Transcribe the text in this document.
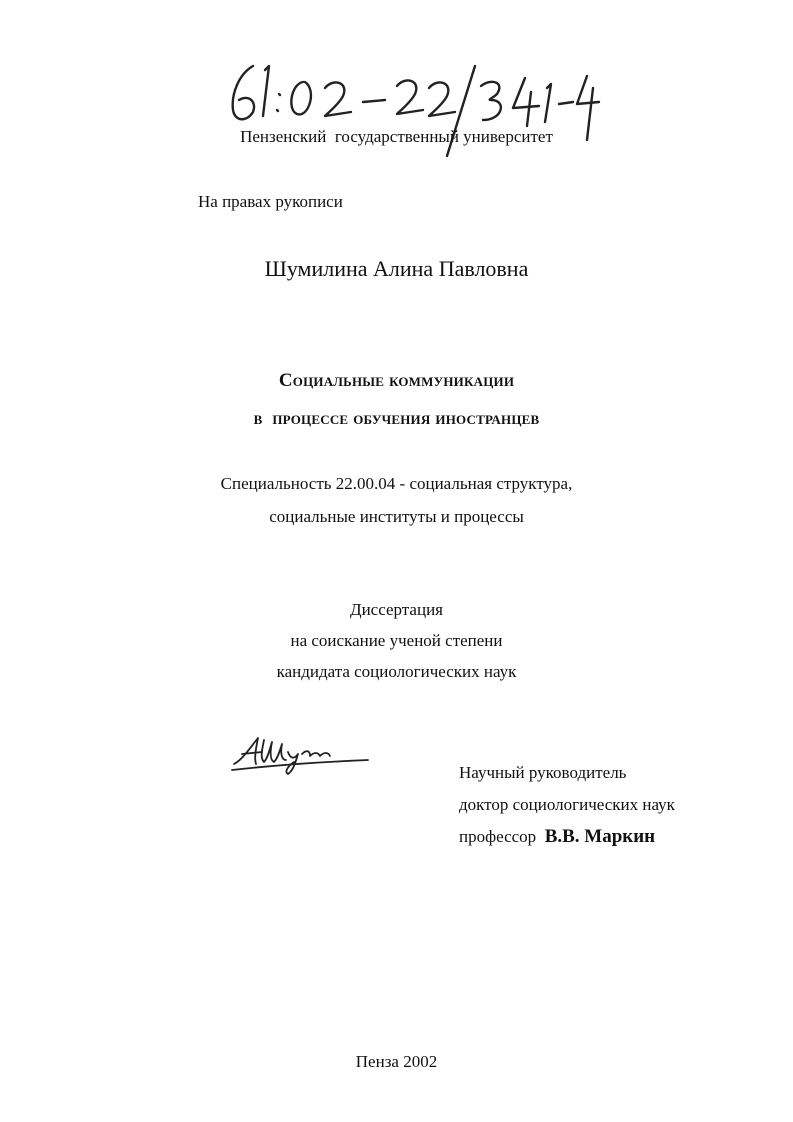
Пензенский  государственный университет
На правах рукописи
Шумилина Алина Павловна
Социальные коммуникации
в  процессе обучения иностранцев
Специальность 22.00.04 - социальная структура,
социальные институты и процессы
Диссертация
на соискание ученой степени
кандидата социологических наук
Научный руководитель
доктор социологических наук
профессор В.В. Маркин
Пенза 2002
